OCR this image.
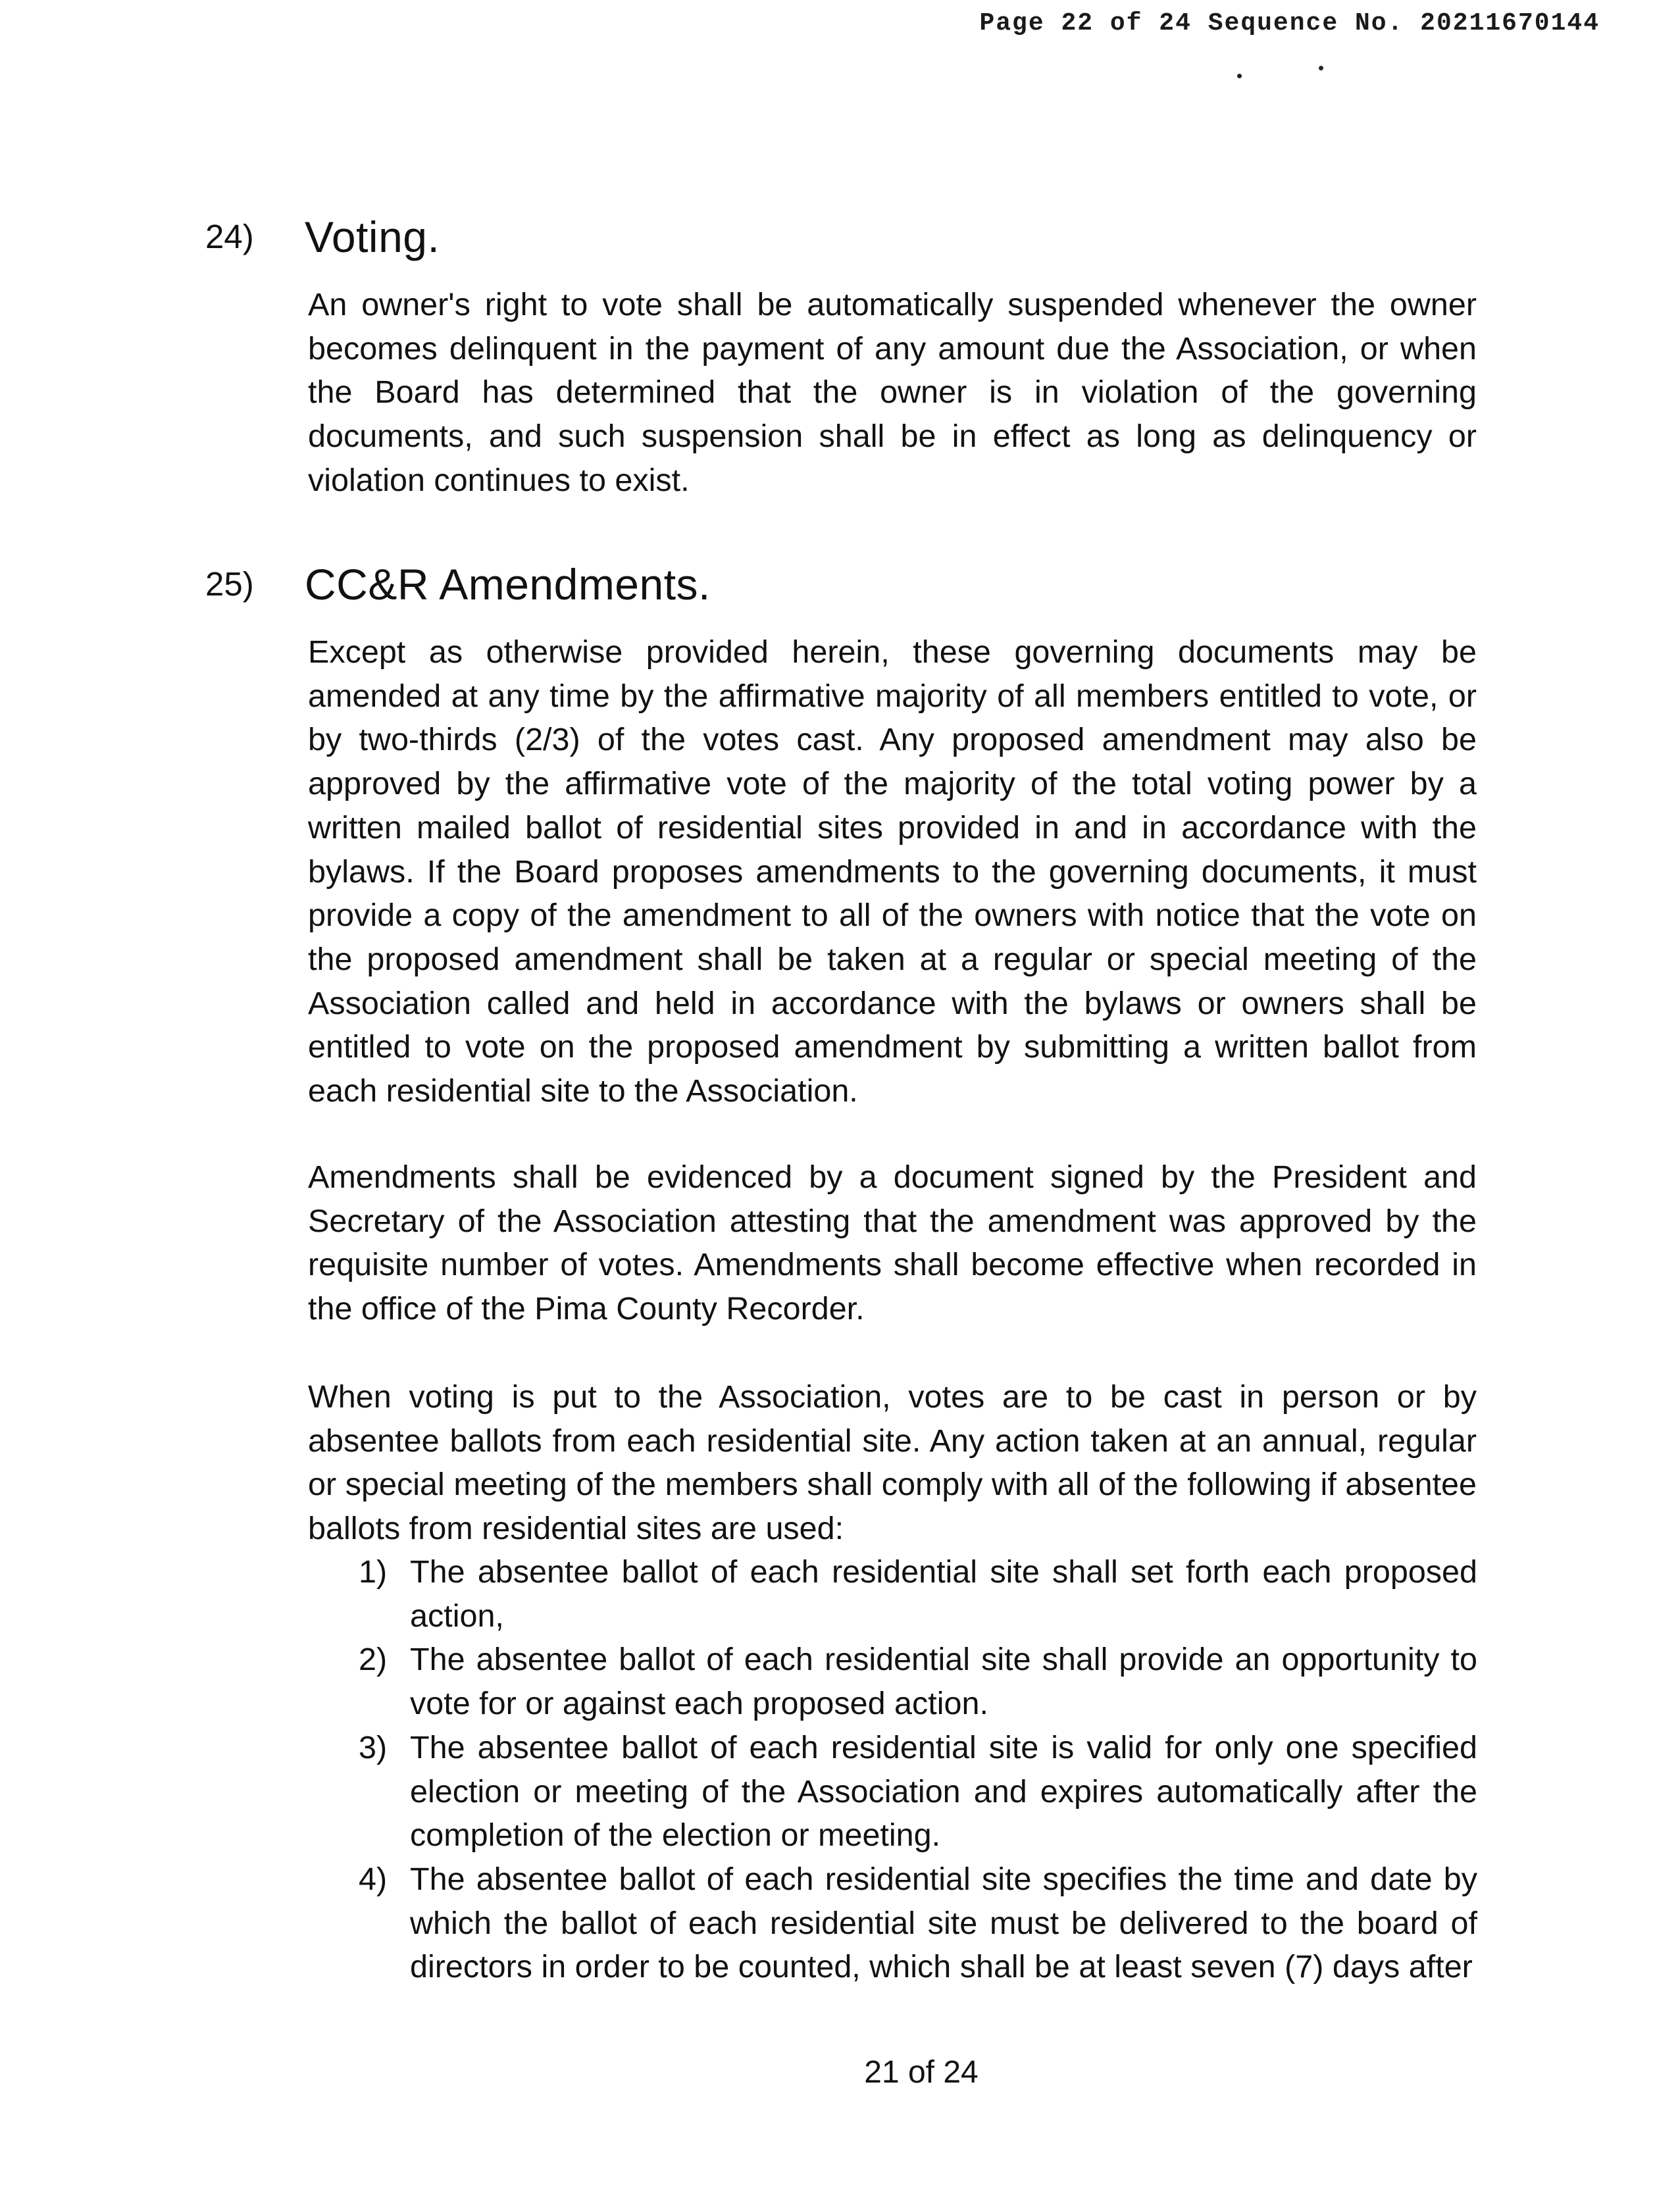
Page 22 of 24 Sequence No. 20211670144
24) Voting.
An owner's right to vote shall be automatically suspended whenever the owner becomes delinquent in the payment of any amount due the Association, or when the Board has determined that the owner is in violation of the governing documents, and such suspension shall be in effect as long as delinquency or violation continues to exist.
25) CC&R Amendments.
Except as otherwise provided herein, these governing documents may be amended at any time by the affirmative majority of all members entitled to vote, or by two-thirds (2/3) of the votes cast. Any proposed amendment may also be approved by the affirmative vote of the majority of the total voting power by a written mailed ballot of residential sites provided in and in accordance with the bylaws. If the Board proposes amendments to the governing documents, it must provide a copy of the amendment to all of the owners with notice that the vote on the proposed amendment shall be taken at a regular or special meeting of the Association called and held in accordance with the bylaws or owners shall be entitled to vote on the proposed amendment by submitting a written ballot from each residential site to the Association.
Amendments shall be evidenced by a document signed by the President and Secretary of the Association attesting that the amendment was approved by the requisite number of votes. Amendments shall become effective when recorded in the office of the Pima County Recorder.
When voting is put to the Association, votes are to be cast in person or by absentee ballots from each residential site. Any action taken at an annual, regular or special meeting of the members shall comply with all of the following if absentee ballots from residential sites are used:
1) The absentee ballot of each residential site shall set forth each proposed action,
2) The absentee ballot of each residential site shall provide an opportunity to vote for or against each proposed action.
3) The absentee ballot of each residential site is valid for only one specified election or meeting of the Association and expires automatically after the completion of the election or meeting.
4) The absentee ballot of each residential site specifies the time and date by which the ballot of each residential site must be delivered to the board of directors in order to be counted, which shall be at least seven (7) days after
21 of 24
